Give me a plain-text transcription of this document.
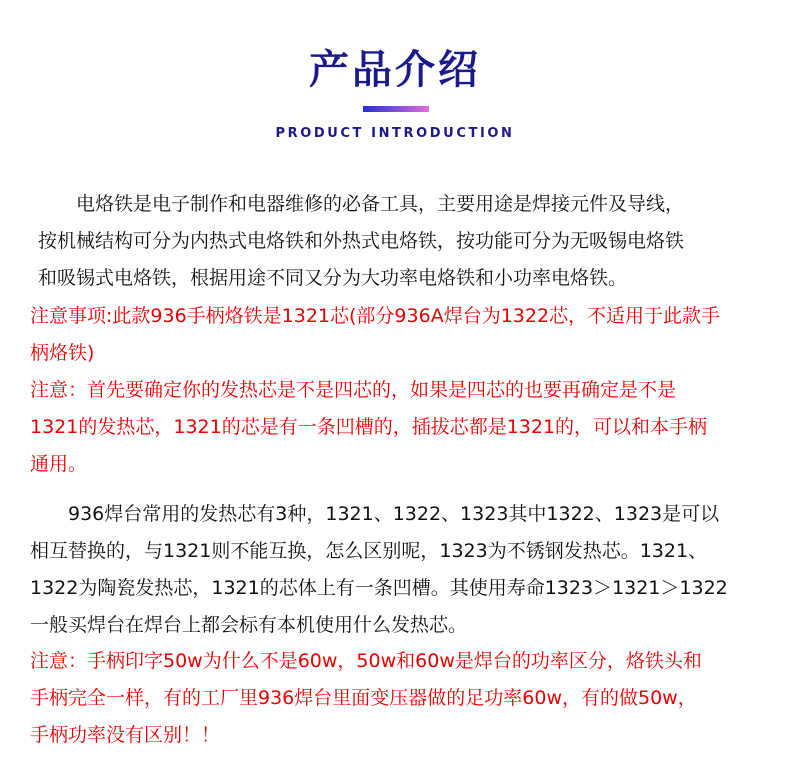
产品介绍
PRODUCT INTRODUCTION

电烙铁是电子制作和电器维修的必备工具，主要用途是焊接元件及导线，
按机械结构可分为内热式电烙铁和外热式电烙铁，按功能可分为无吸锡电烙铁
和吸锡式电烙铁，根据用途不同又分为大功率电烙铁和小功率电烙铁。

注意事项:此款936手柄烙铁是1321芯(部分936A焊台为1322芯，不适用于此款手
柄烙铁)

注意：首先要确定你的发热芯是不是四芯的，如果是四芯的也要再确定是不是
1321的发热芯，1321的芯是有一条凹槽的，插拔芯都是1321的，可以和本手柄
通用。

936焊台常用的发热芯有3种，1321、1322、1323其中1322、1323是可以
相互替换的，与1321则不能互换，怎么区别呢，1323为不锈钢发热芯。1321、
1322为陶瓷发热芯，1321的芯体上有一条凹槽。其使用寿命1323＞1321＞1322
一般买焊台在焊台上都会标有本机使用什么发热芯。

注意：手柄印字50w为什么不是60w，50w和60w是焊台的功率区分，烙铁头和
手柄完全一样，有的工厂里936焊台里面变压器做的足功率60w，有的做50w，
手柄功率没有区别！！
